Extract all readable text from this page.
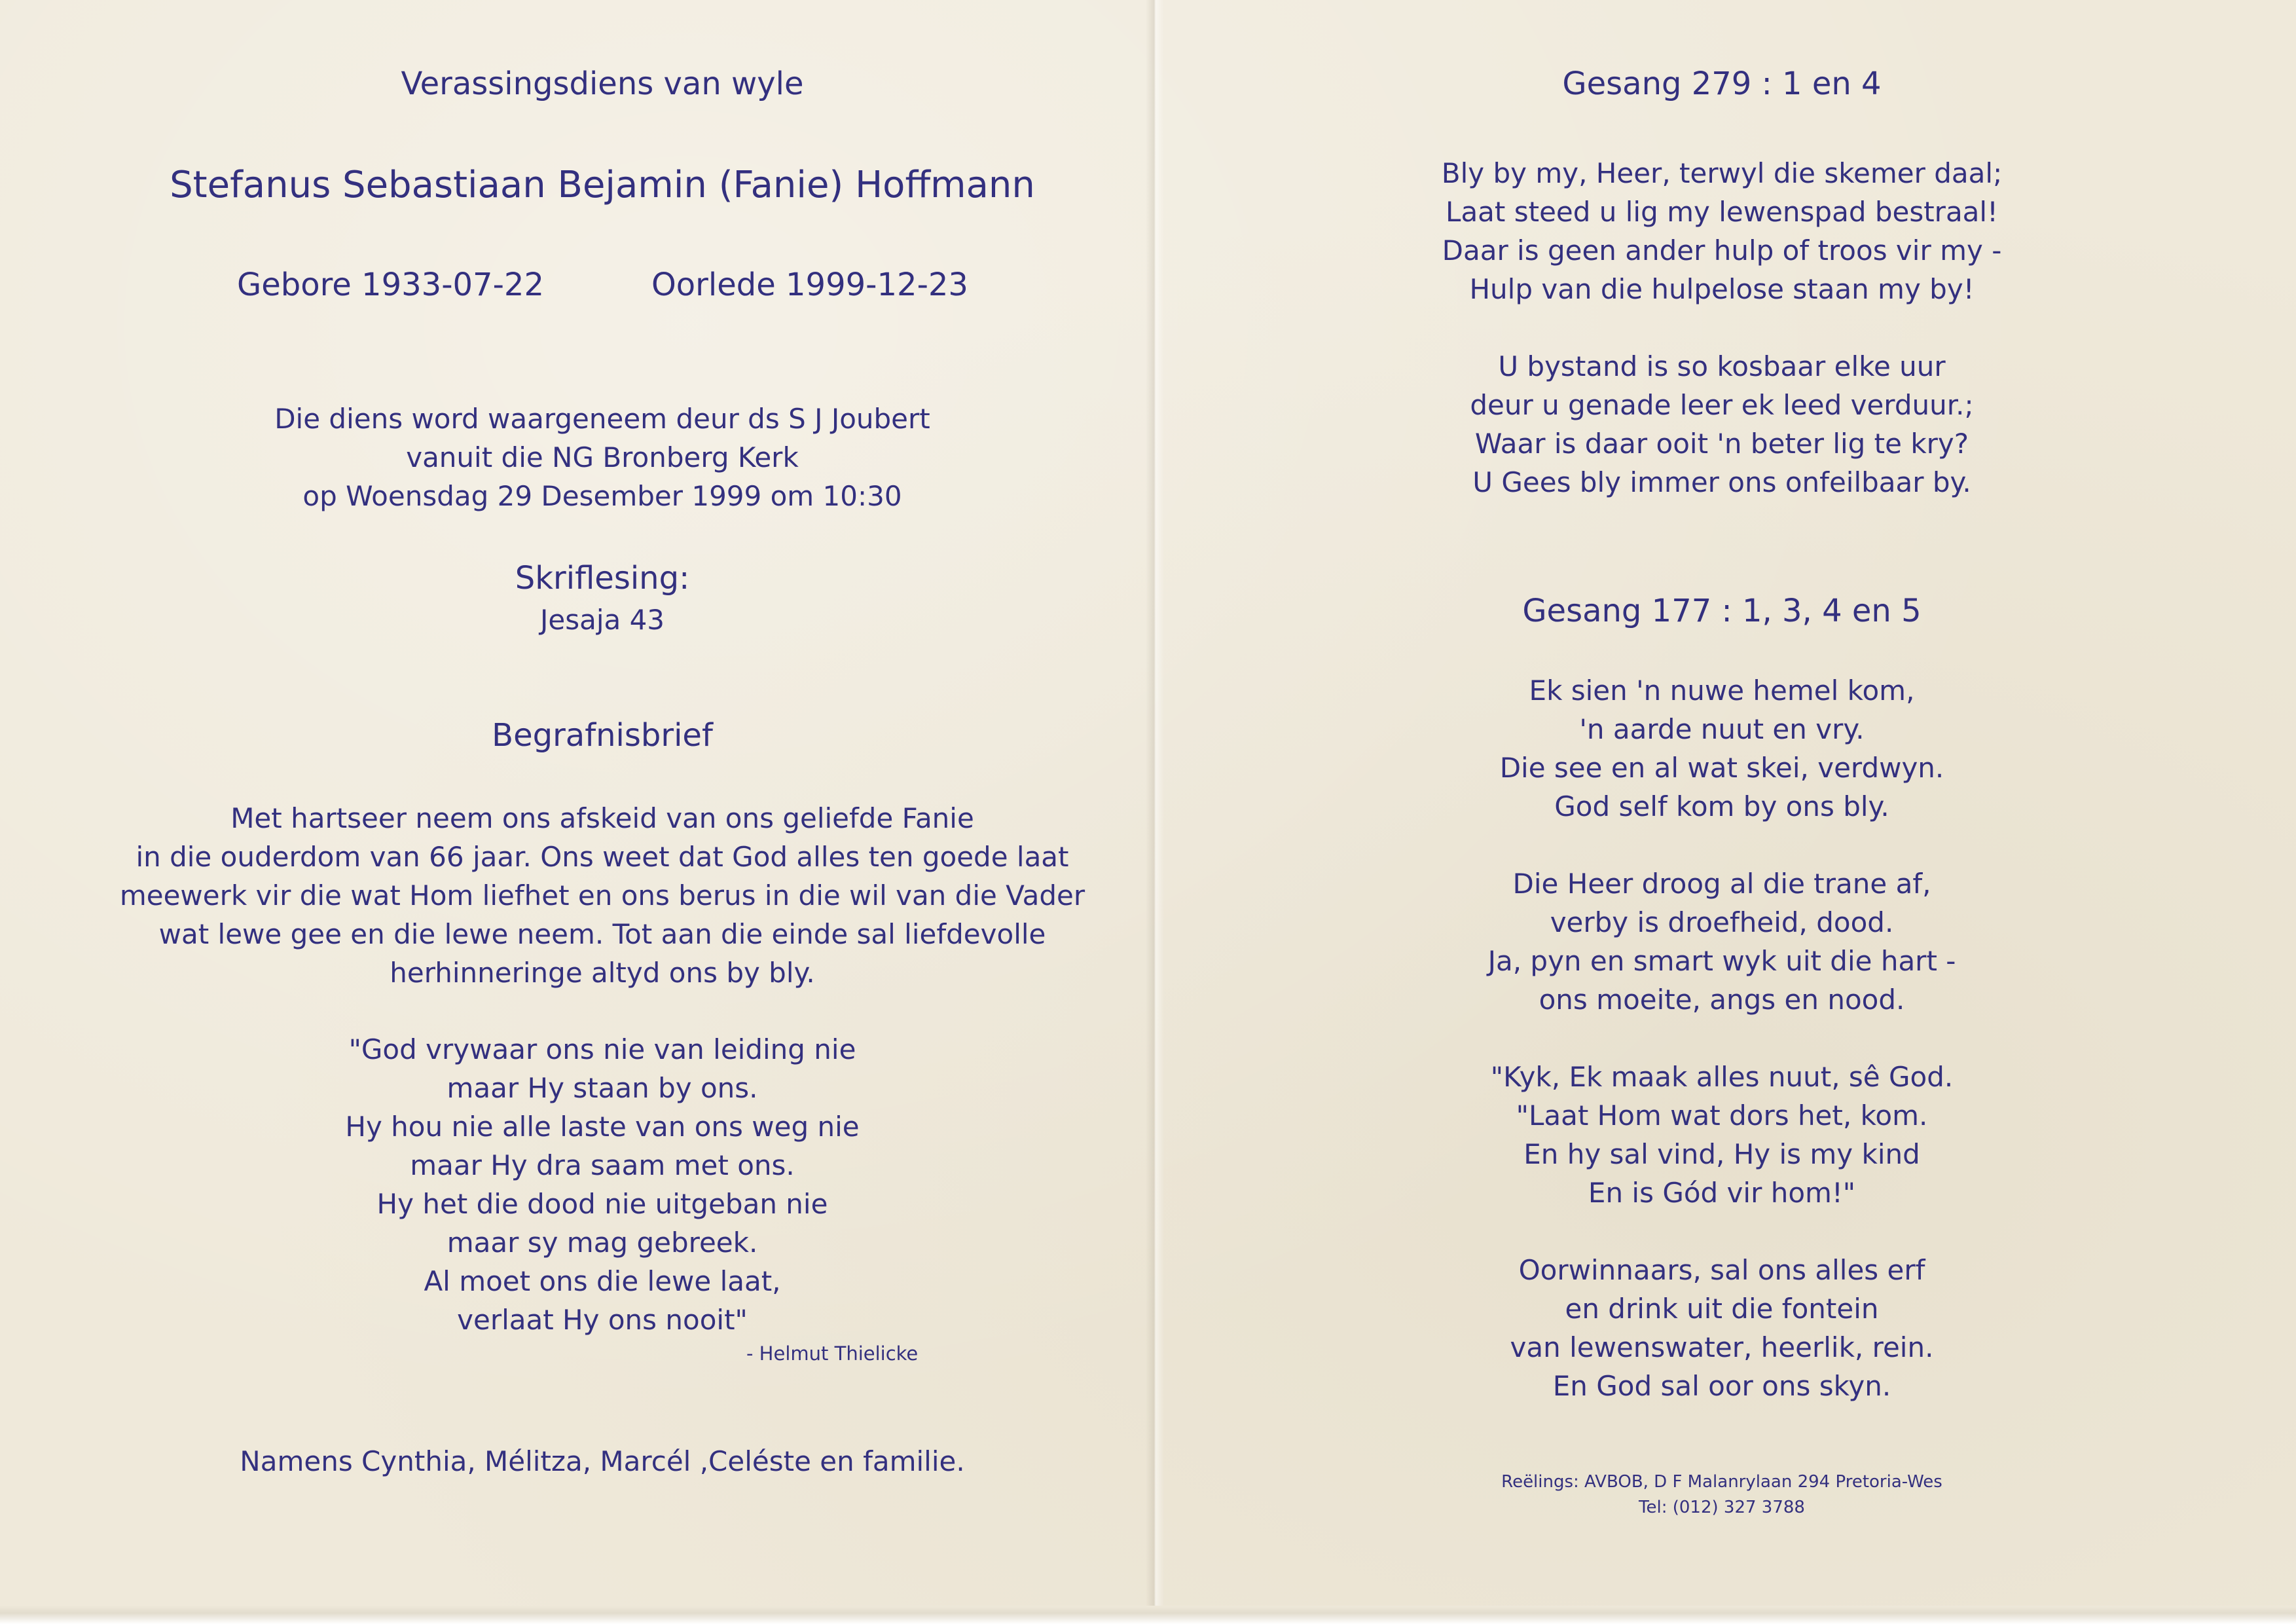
Verassingsdiens van wyle
Stefanus Sebastiaan Bejamin (Fanie) Hoffmann
Gebore 1933-07-22	Oorlede 1999-12-23
Die diens word waargeneem deur ds S J Joubert
vanuit die NG Bronberg Kerk
op Woensdag 29 Desember 1999 om 10:30
Skriflesing:
Jesaja 43
Begrafnisbrief
Met hartseer neem ons afskeid van ons geliefde Fanie
in die ouderdom van 66 jaar. Ons weet dat God alles ten goede laat
meewerk vir die wat Hom liefhet en ons berus in die wil van die Vader
wat lewe gee en die lewe neem. Tot aan die einde sal liefdevolle
herhinneringe altyd ons by bly.
"God vrywaar ons nie van leiding nie
maar Hy staan by ons.
Hy hou nie alle laste van ons weg nie
maar Hy dra saam met ons.
Hy het die dood nie uitgeban nie
maar sy mag gebreek.
Al moet ons die lewe laat,
verlaat Hy ons nooit"
- Helmut Thielicke
Namens Cynthia, Mélitza, Marcél ,Celéste en familie.
Gesang 279 : 1 en 4
Bly by my, Heer, terwyl die skemer daal;
Laat steed u lig my lewenspad bestraal!
Daar is geen ander hulp of troos vir my -
Hulp van die hulpelose staan my by!
U bystand is so kosbaar elke uur
deur u genade leer ek leed verduur.;
Waar is daar ooit 'n beter lig te kry?
U Gees bly immer ons onfeilbaar by.
Gesang 177 : 1, 3, 4 en 5
Ek sien 'n nuwe hemel kom,
'n aarde nuut en vry.
Die see en al wat skei, verdwyn.
God self kom by ons bly.
Die Heer droog al die trane af,
verby is droefheid, dood.
Ja, pyn en smart wyk uit die hart -
ons moeite, angs en nood.
"Kyk, Ek maak alles nuut, sê God.
"Laat Hom wat dors het, kom.
En hy sal vind, Hy is my kind
En is Gód vir hom!"
Oorwinnaars, sal ons alles erf
en drink uit die fontein
van lewenswater, heerlik, rein.
En God sal oor ons skyn.
Reëlings: AVBOB, D F Malanrylaan 294 Pretoria-Wes
Tel: (012) 327 3788
